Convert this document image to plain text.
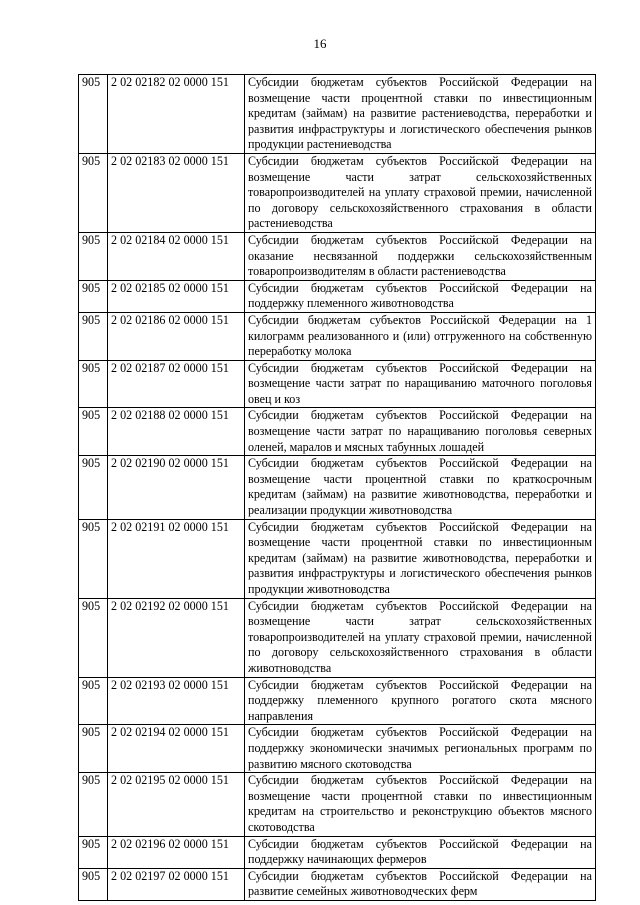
16
905	2 02 02182 02 0000 151	Субсидии бюджетам субъектов Российской Федерации на возмещение части процентной ставки по инвестиционным кредитам (займам) на развитие растениеводства, переработки и развития инфраструктуры и логистического обеспечения рынков продукции растениеводства
905	2 02 02183 02 0000 151	Субсидии бюджетам субъектов Российской Федерации на возмещение части затрат сельскохозяйственных товаропроизводителей на уплату страховой премии, начисленной по договору сельскохозяйственного страхования в области растениеводства
905	2 02 02184 02 0000 151	Субсидии бюджетам субъектов Российской Федерации на оказание несвязанной поддержки сельскохозяйственным товаропроизводителям в области растениеводства
905	2 02 02185 02 0000 151	Субсидии бюджетам субъектов Российской Федерации на поддержку племенного животноводства
905	2 02 02186 02 0000 151	Субсидии бюджетам субъектов Российской Федерации на 1 килограмм реализованного и (или) отгруженного на собственную переработку молока
905	2 02 02187 02 0000 151	Субсидии бюджетам субъектов Российской Федерации на возмещение части затрат по наращиванию маточного поголовья овец и коз
905	2 02 02188 02 0000 151	Субсидии бюджетам субъектов Российской Федерации на возмещение части затрат по наращиванию поголовья северных оленей, маралов и мясных табунных лошадей
905	2 02 02190 02 0000 151	Субсидии бюджетам субъектов Российской Федерации на возмещение части процентной ставки по краткосрочным кредитам (займам) на развитие животноводства, переработки и реализации продукции животноводства
905	2 02 02191 02 0000 151	Субсидии бюджетам субъектов Российской Федерации на возмещение части процентной ставки по инвестиционным кредитам (займам) на развитие животноводства, переработки и развития инфраструктуры и логистического обеспечения рынков продукции животноводства
905	2 02 02192 02 0000 151	Субсидии бюджетам субъектов Российской Федерации на возмещение части затрат сельскохозяйственных товаропроизводителей на уплату страховой премии, начисленной по договору сельскохозяйственного страхования в области животноводства
905	2 02 02193 02 0000 151	Субсидии бюджетам субъектов Российской Федерации на поддержку племенного крупного рогатого скота мясного направления
905	2 02 02194 02 0000 151	Субсидии бюджетам субъектов Российской Федерации на поддержку экономически значимых региональных программ по развитию мясного скотоводства
905	2 02 02195 02 0000 151	Субсидии бюджетам субъектов Российской Федерации на возмещение части процентной ставки по инвестиционным кредитам на строительство и реконструкцию объектов мясного скотоводства
905	2 02 02196 02 0000 151	Субсидии бюджетам субъектов Российской Федерации на поддержку начинающих фермеров
905	2 02 02197 02 0000 151	Субсидии бюджетам субъектов Российской Федерации на развитие семейных животноводческих ферм
